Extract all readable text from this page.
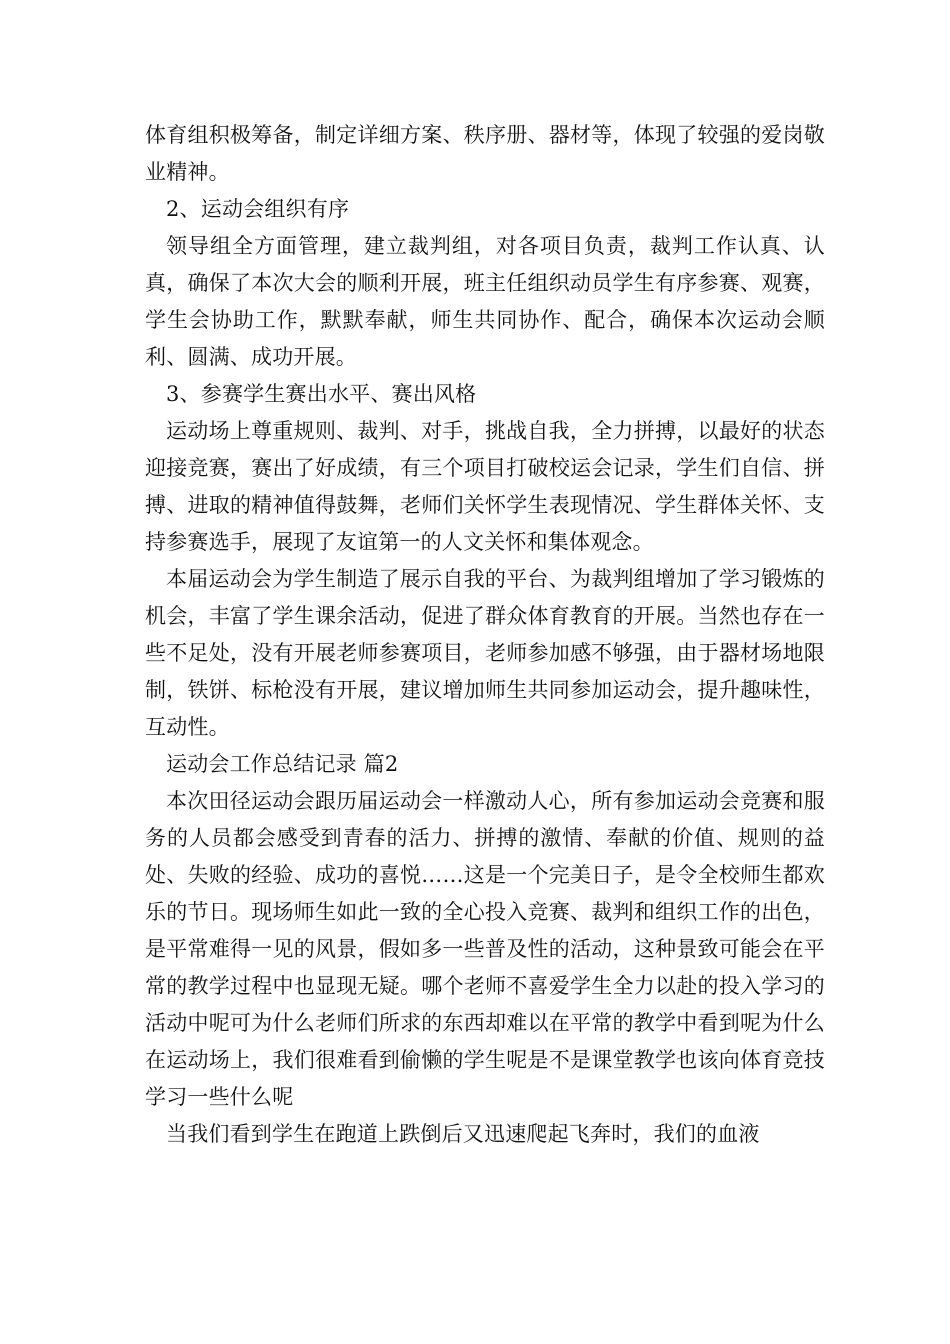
体育组积极筹备，制定详细方案、秩序册、器材等，体现了较强的爱岗敬业精神。

2、运动会组织有序

领导组全方面管理，建立裁判组，对各项目负责，裁判工作认真、认真，确保了本次大会的顺利开展，班主任组织动员学生有序参赛、观赛，学生会协助工作，默默奉献，师生共同协作、配合，确保本次运动会顺利、圆满、成功开展。

3、参赛学生赛出水平、赛出风格

运动场上尊重规则、裁判、对手，挑战自我，全力拼搏，以最好的状态迎接竞赛，赛出了好成绩，有三个项目打破校运会记录，学生们自信、拼搏、进取的精神值得鼓舞，老师们关怀学生表现情况、学生群体关怀、支持参赛选手，展现了友谊第一的人文关怀和集体观念。

本届运动会为学生制造了展示自我的平台、为裁判组增加了学习锻炼的机会，丰富了学生课余活动，促进了群众体育教育的开展。当然也存在一些不足处，没有开展老师参赛项目，老师参加感不够强，由于器材场地限制，铁饼、标枪没有开展，建议增加师生共同参加运动会，提升趣味性，互动性。

运动会工作总结记录 篇2

本次田径运动会跟历届运动会一样激动人心，所有参加运动会竞赛和服务的人员都会感受到青春的活力、拼搏的激情、奉献的价值、规则的益处、失败的经验、成功的喜悦……这是一个完美日子，是令全校师生都欢乐的节日。现场师生如此一致的全心投入竞赛、裁判和组织工作的出色，是平常难得一见的风景，假如多一些普及性的活动，这种景致可能会在平常的教学过程中也显现无疑。哪个老师不喜爱学生全力以赴的投入学习的活动中呢可为什么老师们所求的东西却难以在平常的教学中看到呢为什么在运动场上，我们很难看到偷懒的学生呢是不是课堂教学也该向体育竞技学习一些什么呢

当我们看到学生在跑道上跌倒后又迅速爬起飞奔时，我们的血液
